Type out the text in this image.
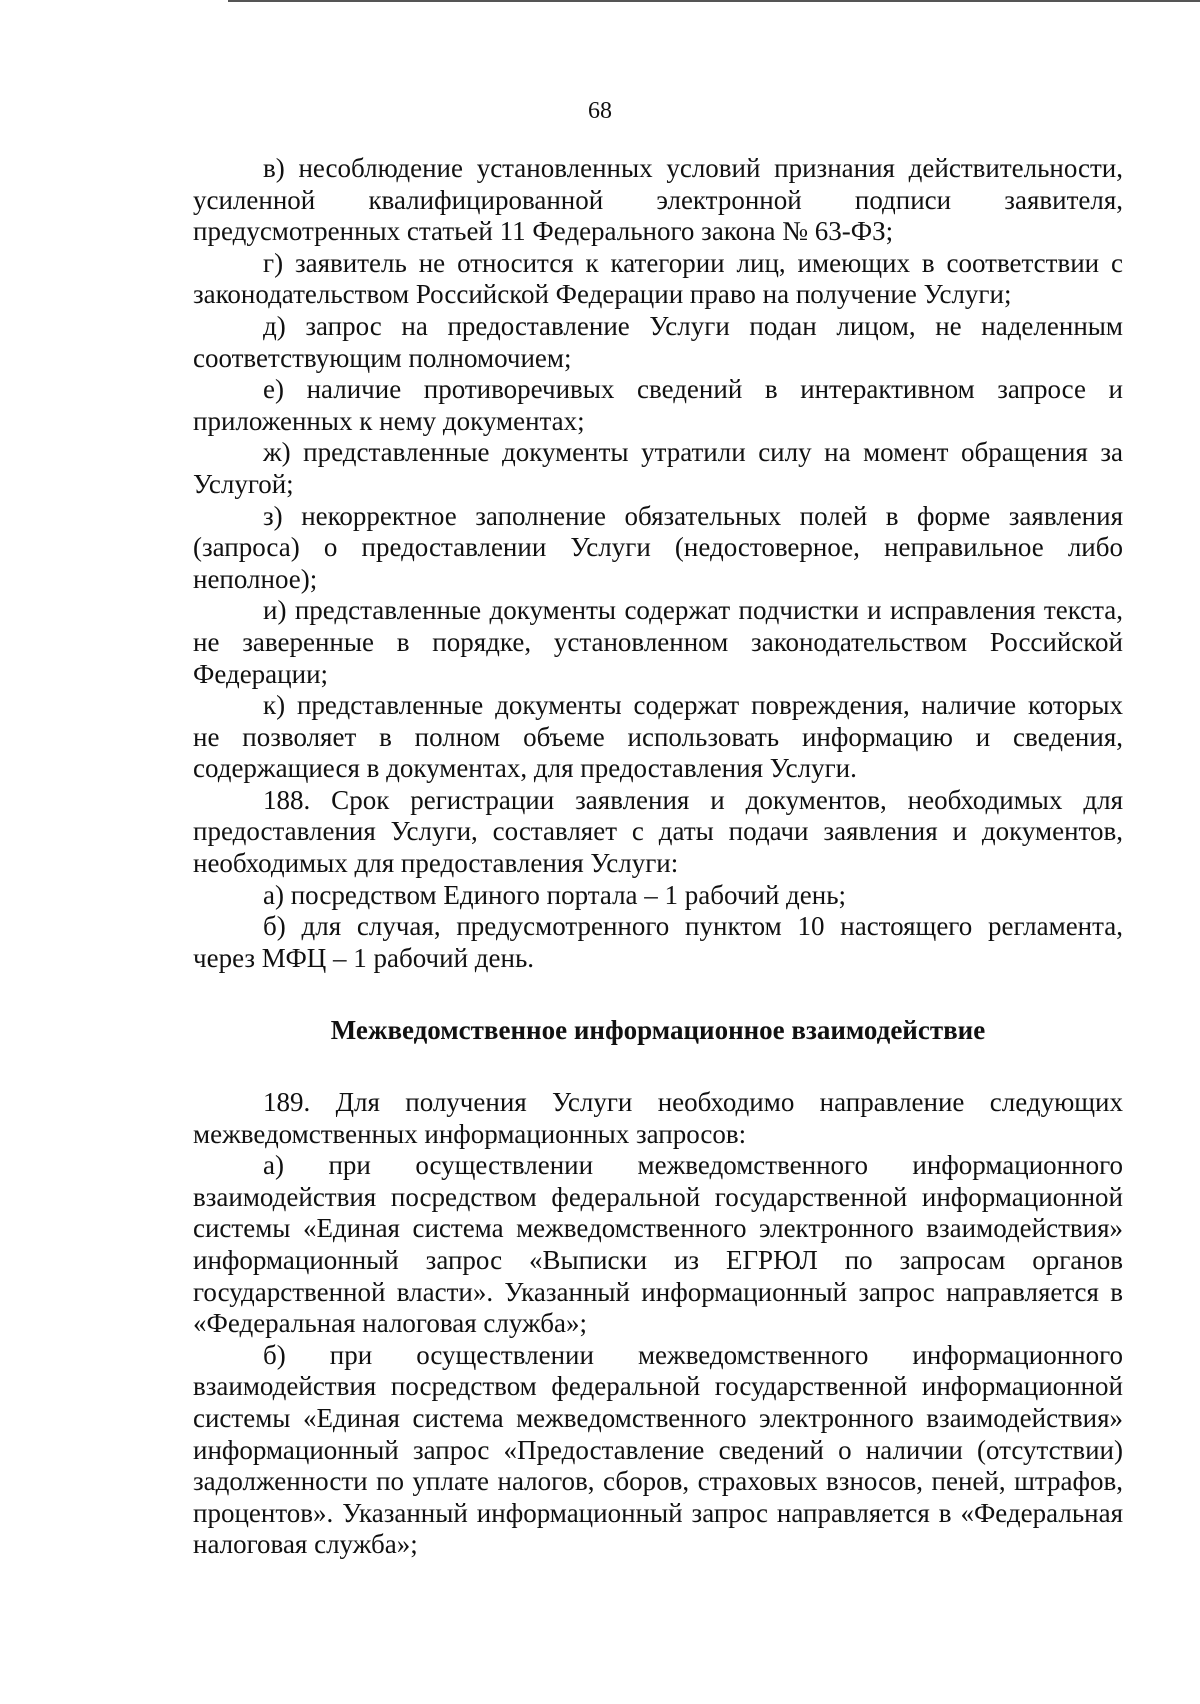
68

в) несоблюдение установленных условий признания действительности, усиленной квалифицированной электронной подписи заявителя, предусмотренных статьей 11 Федерального закона № 63-ФЗ;

г) заявитель не относится к категории лиц, имеющих в соответствии с законодательством Российской Федерации право на получение Услуги;

д) запрос на предоставление Услуги подан лицом, не наделенным соответствующим полномочием;

е) наличие противоречивых сведений в интерактивном запросе и приложенных к нему документах;

ж) представленные документы утратили силу на момент обращения за Услугой;

з) некорректное заполнение обязательных полей в форме заявления (запроса) о предоставлении Услуги (недостоверное, неправильное либо неполное);

и) представленные документы содержат подчистки и исправления текста, не заверенные в порядке, установленном законодательством Российской Федерации;

к) представленные документы содержат повреждения, наличие которых не позволяет в полном объеме использовать информацию и сведения, содержащиеся в документах, для предоставления Услуги.

188. Срок регистрации заявления и документов, необходимых для предоставления Услуги, составляет с даты подачи заявления и документов, необходимых для предоставления Услуги:

а) посредством Единого портала – 1 рабочий день;

б) для случая, предусмотренного пунктом 10 настоящего регламента, через МФЦ – 1 рабочий день.

Межведомственное информационное взаимодействие

189. Для получения Услуги необходимо направление следующих межведомственных информационных запросов:

а) при осуществлении межведомственного информационного взаимодействия посредством федеральной государственной информационной системы «Единая система межведомственного электронного взаимодействия» информационный запрос «Выписки из ЕГРЮЛ по запросам органов государственной власти». Указанный информационный запрос направляется в «Федеральная налоговая служба»;

б) при осуществлении межведомственного информационного взаимодействия посредством федеральной государственной информационной системы «Единая система межведомственного электронного взаимодействия» информационный запрос «Предоставление сведений о наличии (отсутствии) задолженности по уплате налогов, сборов, страховых взносов, пеней, штрафов, процентов». Указанный информационный запрос направляется в «Федеральная налоговая служба»;
